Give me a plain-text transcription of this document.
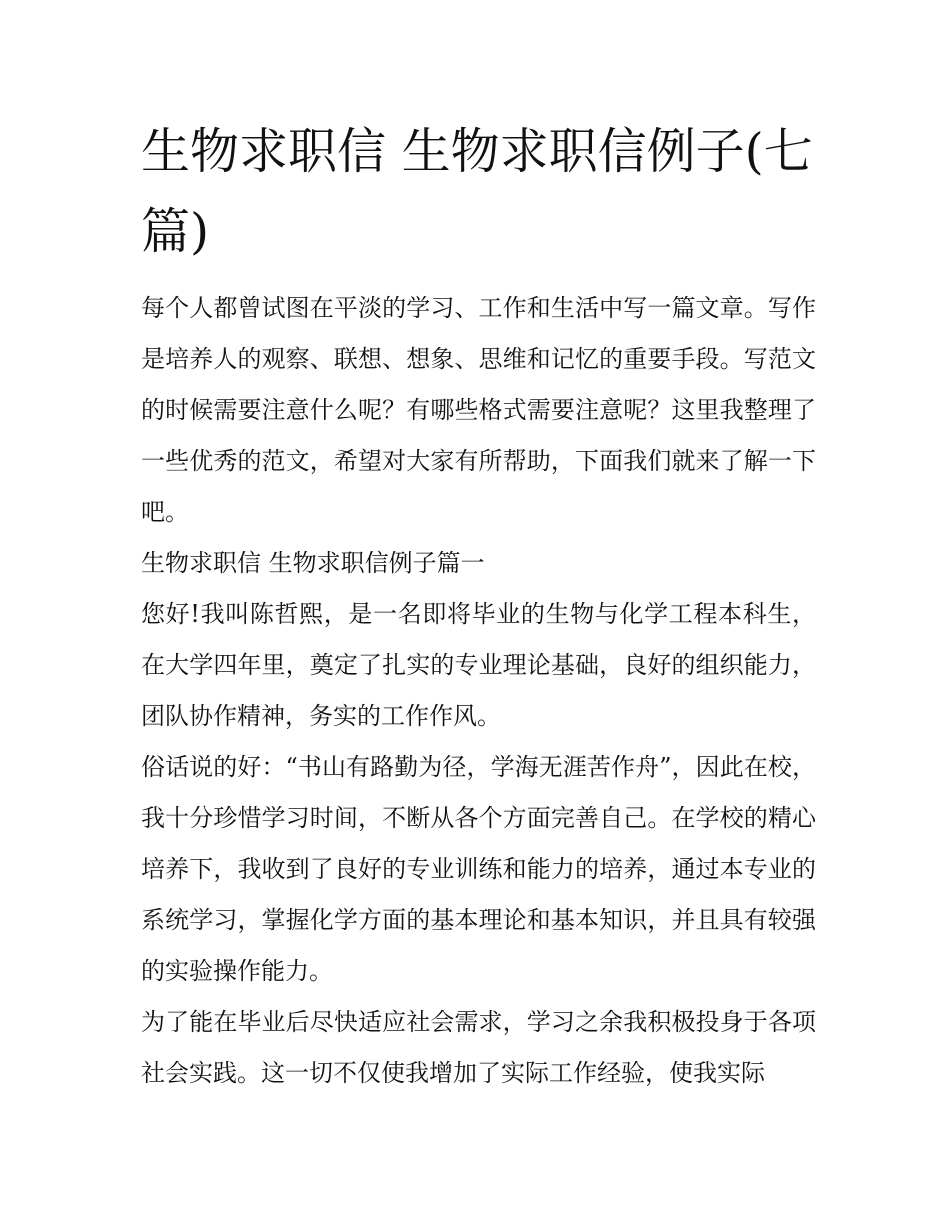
生物求职信 生物求职信例子(七篇)

每个人都曾试图在平淡的学习、工作和生活中写一篇文章。写作是培养人的观察、联想、想象、思维和记忆的重要手段。写范文的时候需要注意什么呢？有哪些格式需要注意呢？这里我整理了一些优秀的范文，希望对大家有所帮助，下面我们就来了解一下吧。

生物求职信 生物求职信例子篇一

您好!我叫陈哲熙，是一名即将毕业的生物与化学工程本科生，在大学四年里，奠定了扎实的专业理论基础，良好的组织能力，团队协作精神，务实的工作作风。

俗话说的好：“书山有路勤为径，学海无涯苦作舟”，因此在校，我十分珍惜学习时间，不断从各个方面完善自己。在学校的精心培养下，我收到了良好的专业训练和能力的培养，通过本专业的系统学习，掌握化学方面的基本理论和基本知识，并且具有较强的实验操作能力。

为了能在毕业后尽快适应社会需求，学习之余我积极投身于各项社会实践。这一切不仅使我增加了实际工作经验，使我实际
